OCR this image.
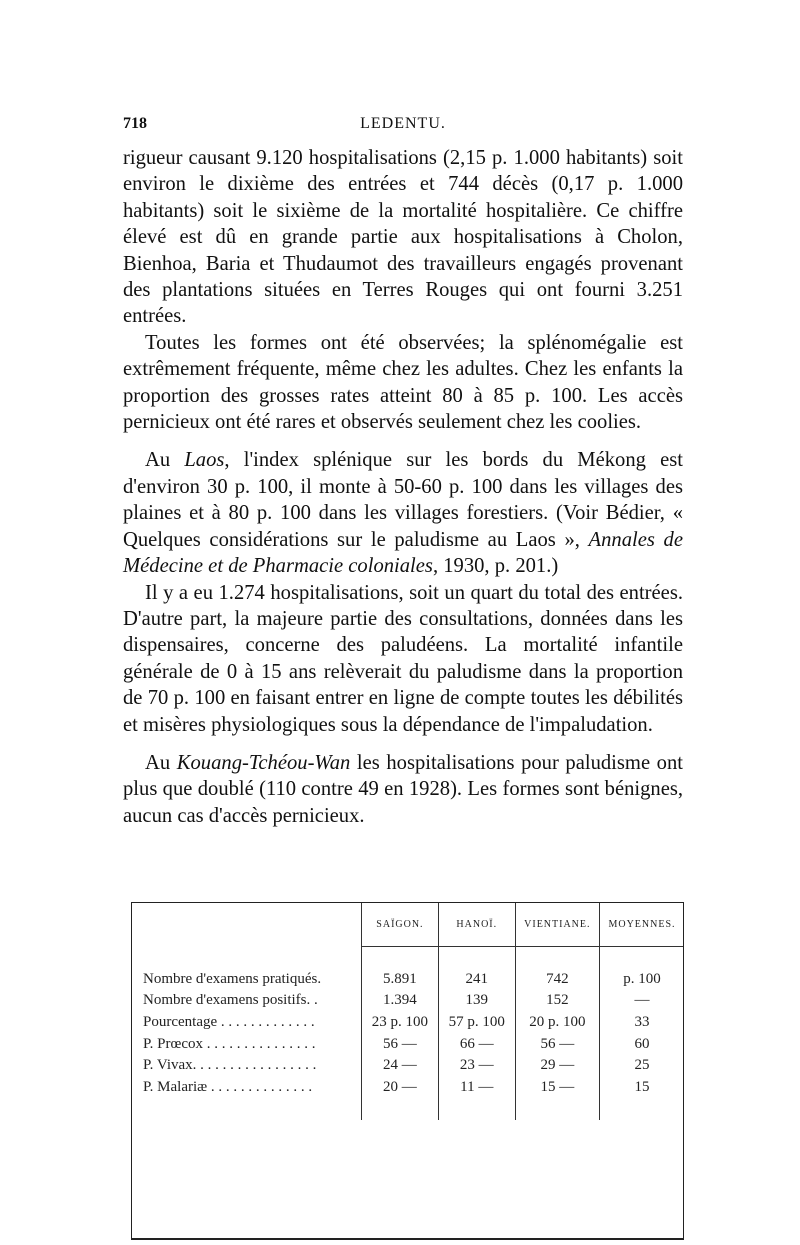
718	LEDENTU.

rigueur causant 9.120 hospitalisations (2,15 p. 1.000 habitants) soit environ le dixième des entrées et 744 décès (0,17 p. 1.000 habitants) soit le sixième de la mortalité hospitalière. Ce chiffre élevé est dû en grande partie aux hospitalisations à Cholon, Bienhoa, Baria et Thudaumot des travailleurs engagés provenant des plantations situées en Terres Rouges qui ont fourni 3.251 entrées.

Toutes les formes ont été observées; la splénomégalie est extrêmement fréquente, même chez les adultes. Chez les enfants la proportion des grosses rates atteint 80 à 85 p. 100. Les accès pernicieux ont été rares et observés seulement chez les coolies.

Au Laos, l'index splénique sur les bords du Mékong est d'environ 30 p. 100, il monte à 50-60 p. 100 dans les villages des plaines et à 80 p. 100 dans les villages forestiers. (Voir Bédier, « Quelques considérations sur le paludisme au Laos », Annales de Médecine et de Pharmacie coloniales, 1930, p. 201.)

Il y a eu 1.274 hospitalisations, soit un quart du total des entrées. D'autre part, la majeure partie des consultations, données dans les dispensaires, concerne des paludéens. La mortalité infantile générale de 0 à 15 ans relèverait du paludisme dans la proportion de 70 p. 100 en faisant entrer en ligne de compte toutes les débilités et misères physiologiques sous la dépendance de l'impaludation.

Au Kouang-Tchéou-Wan les hospitalisations pour paludisme ont plus que doublé (110 contre 49 en 1928). Les formes sont bénignes, aucun cas d'accès pernicieux.

	SAÏGON.	HANOÏ.	VIENTIANE.	MOYENNES.

Nombre d'examens pratiqués.	5.891	241	742	p. 100
Nombre d'examens positifs. .	1.394	139	152	—
Pourcentage . . . . . . . . . . . . .	23 p. 100	57 p. 100	20 p. 100	33
P. Prœcox . . . . . . . . . . . . . . .	56 —	66 —	56 —	60
P. Vivax. . . . . . . . . . . . . . . . .	24 —	23 —	29 —	25
P. Malariæ . . . . . . . . . . . . . .	20 —	11 —	15 —	15
